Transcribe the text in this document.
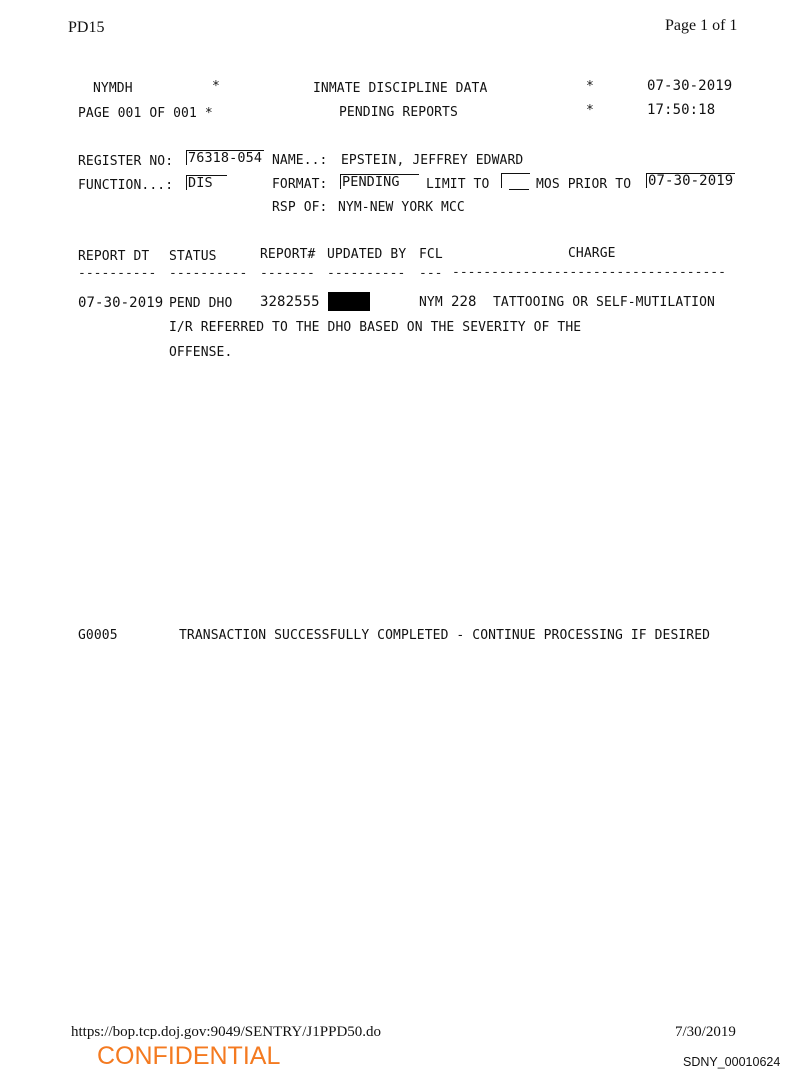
PD15	Page 1 of 1
NYMDH	*	INMATE DISCIPLINE DATA	*	07-30-2019
PAGE 001 OF 001 *	PENDING REPORTS	*	17:50:18
REGISTER NO: 76318-054 NAME..: EPSTEIN, JEFFREY EDWARD
FUNCTION...: DIS	FORMAT: PENDING	LIMIT TO	MOS PRIOR TO 07-30-2019
RSP OF: NYM-NEW YORK MCC
REPORT DT STATUS	REPORT# UPDATED BY FCL	CHARGE
---------- ---------- ------- ---------- --- -----------------------------------
07-30-2019 PEND DHO 3282555	NYM 228 TATTOOING OR SELF-MUTILATION
I/R REFERRED TO THE DHO BASED ON THE SEVERITY OF THE
OFFENSE.
G0005	TRANSACTION SUCCESSFULLY COMPLETED - CONTINUE PROCESSING IF DESIRED
https://bop.tcp.doj.gov:9049/SENTRY/J1PPD50.do	7/30/2019
CONFIDENTIAL	SDNY_00010624
